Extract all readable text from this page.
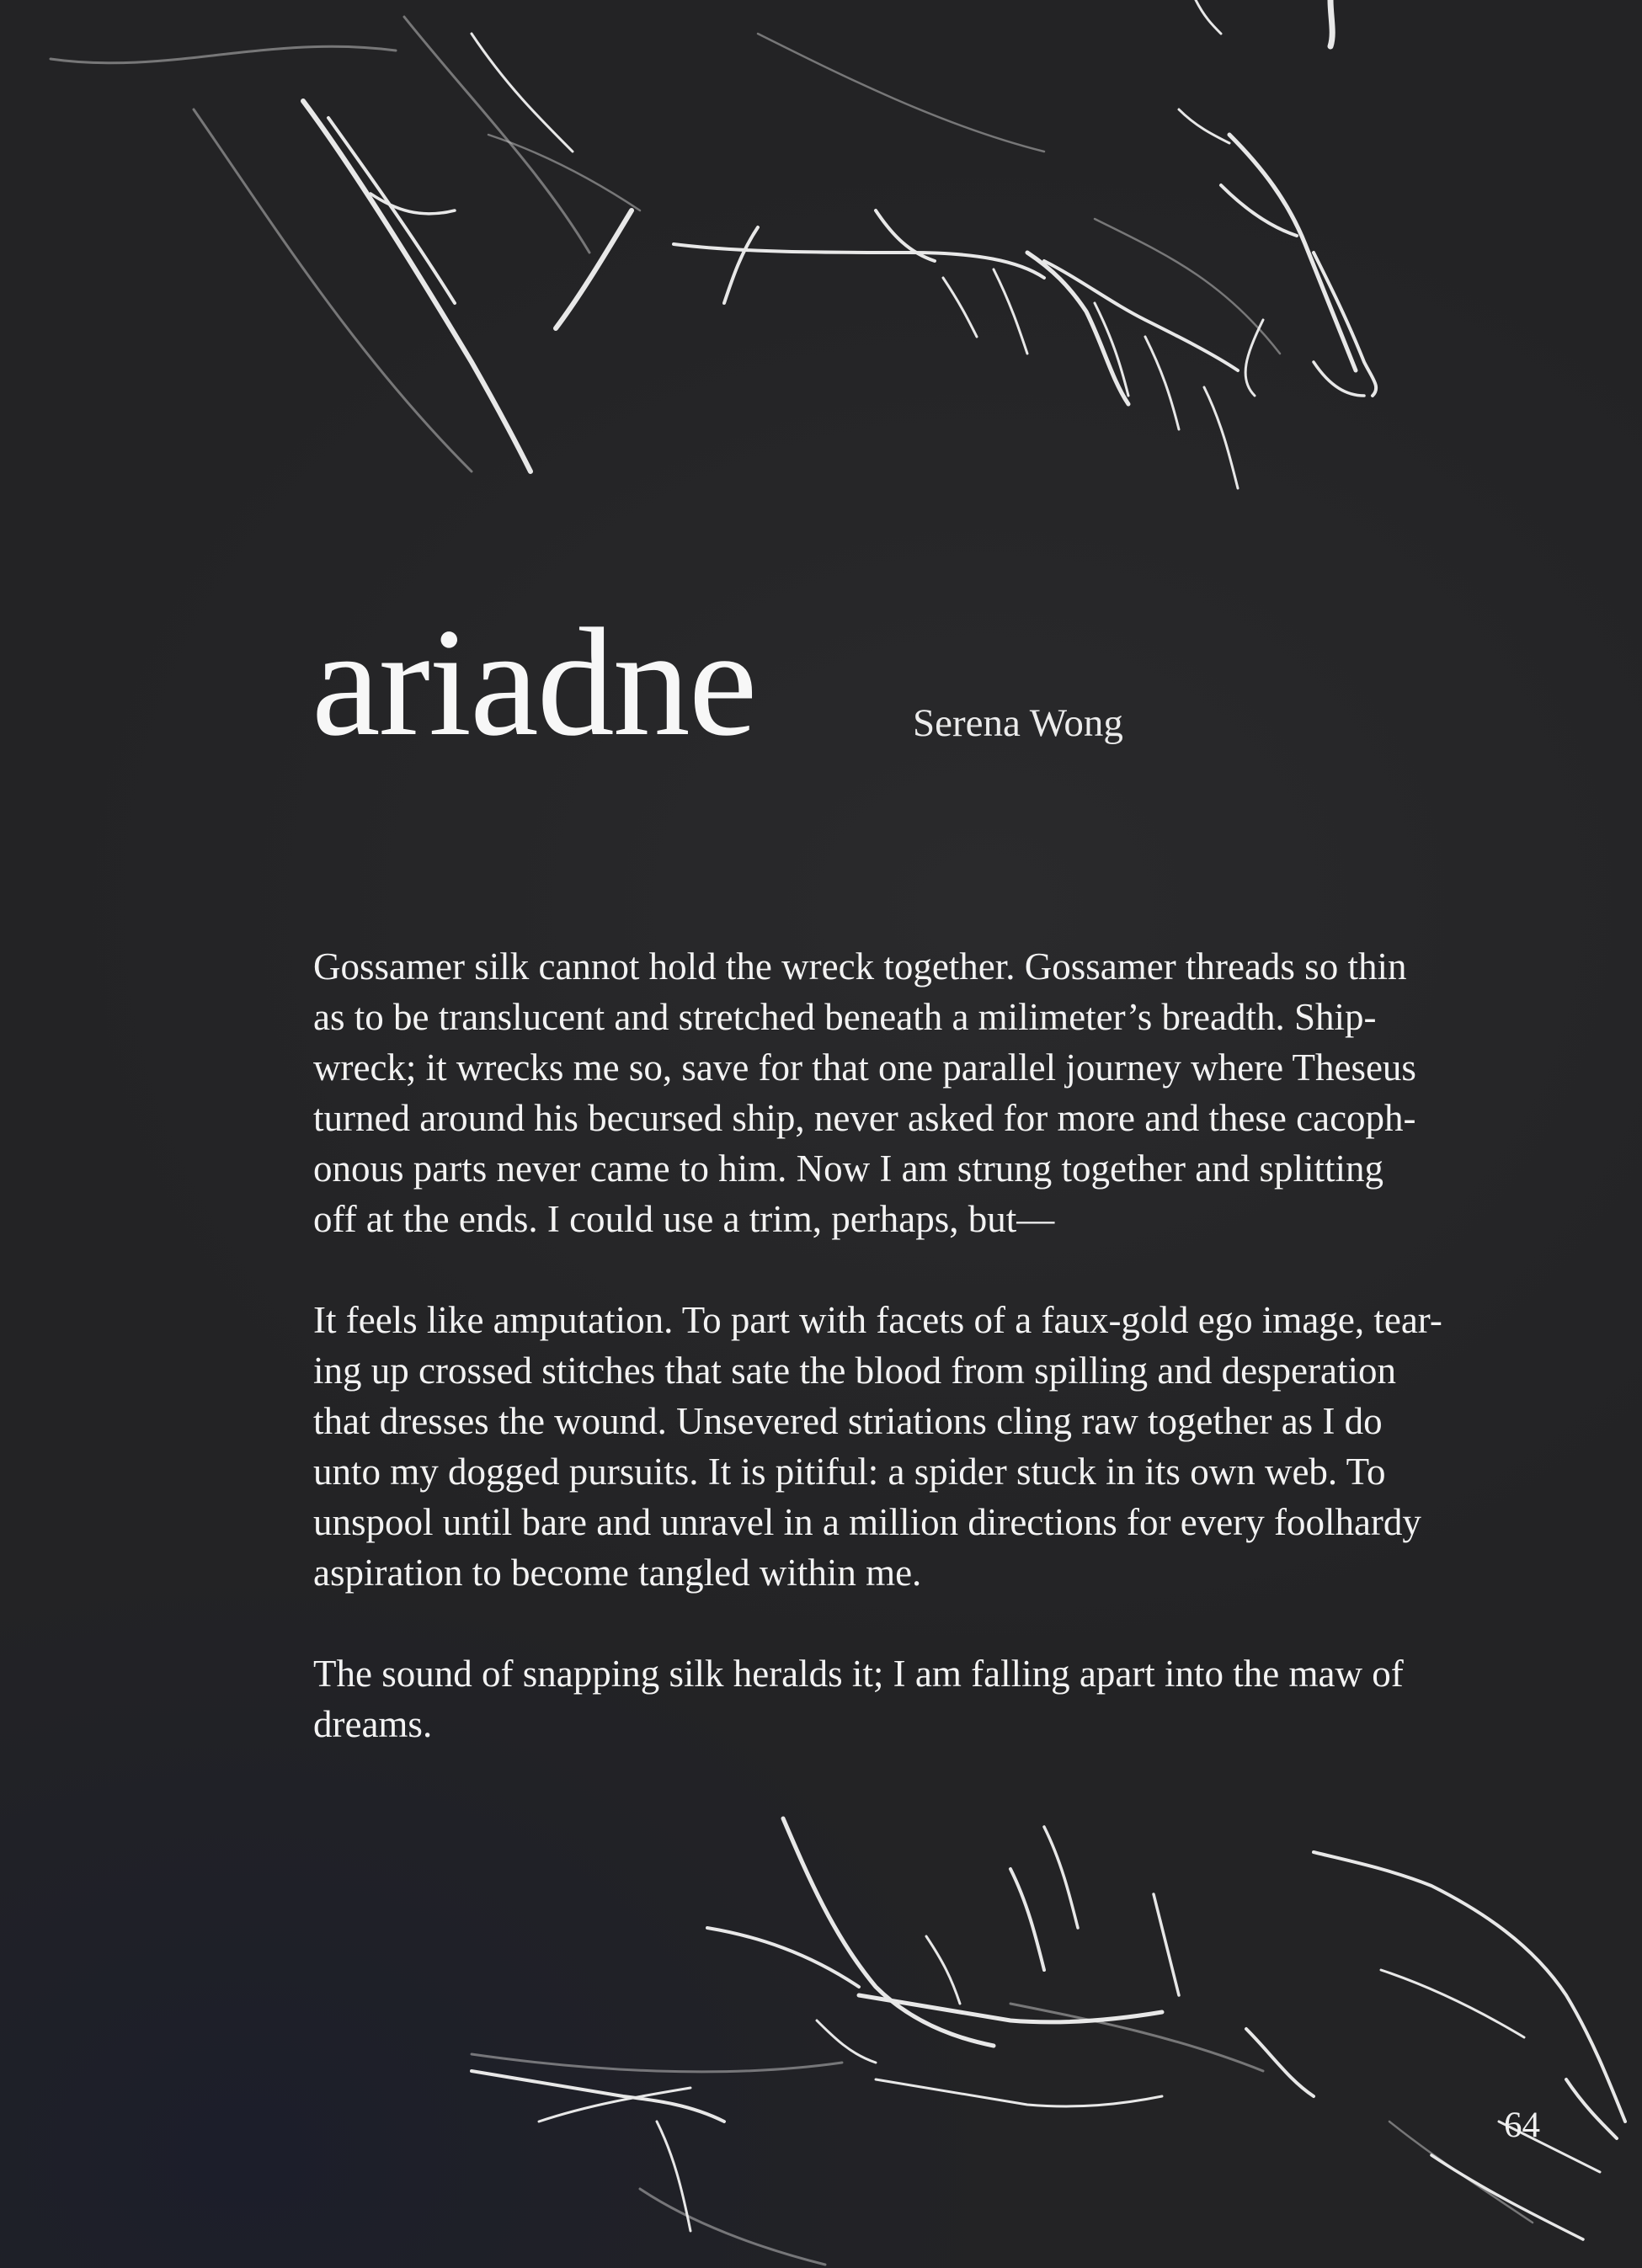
ariadne	Serena Wong

Gossamer silk cannot hold the wreck together. Gossamer threads so thin
as to be translucent and stretched beneath a milimeter’s breadth. Ship-
wreck; it wrecks me so, save for that one parallel journey where Theseus
turned around his becursed ship, never asked for more and these cacoph-
onous parts never came to him. Now I am strung together and splitting
off at the ends. I could use a trim, perhaps, but—

It feels like amputation. To part with facets of a faux-gold ego image, tear-
ing up crossed stitches that sate the blood from spilling and desperation
that dresses the wound. Unsevered striations cling raw together as I do
unto my dogged pursuits. It is pitiful: a spider stuck in its own web. To
unspool until bare and unravel in a million directions for every foolhardy
aspiration to become tangled within me.

The sound of snapping silk heralds it; I am falling apart into the maw of
dreams.

64
